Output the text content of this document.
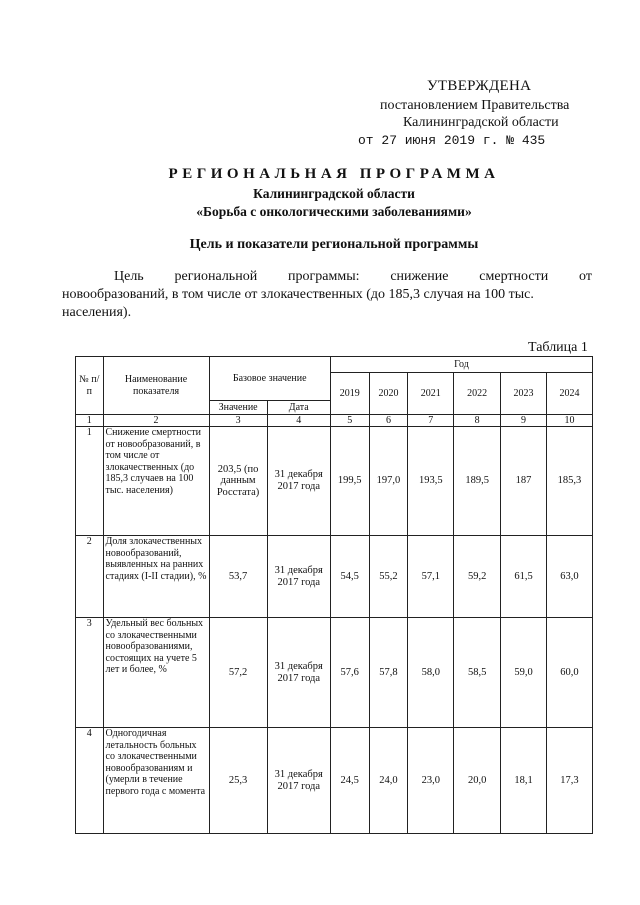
УТВЕРЖДЕНА
постановлением Правительства
Калининградской области
от 27 июня 2019 г. № 435
РЕГИОНАЛЬНАЯ ПРОГРАММА
Калининградской области
«Борьба с онкологическими заболеваниями»
Цель и показатели региональной программы
Цель региональной программы: снижение смертности от
новообразований, в том числе от злокачественных (до 185,3 случая на 100 тыс. населения).
Таблица 1
№ п/п	Наименование показателя	Базовое значение		Год					
				2019	2020	2021	2022	2023	2024
		Значение	Дата						
1	2	3	4	5	6	7	8	9	10
1	Снижение смертности от новообразований, в том числе от злокачественных (до 185,3 случаев на 100 тыс. населения)	203,5 (по данным Росстата)	31 декабря 2017 года	199,5	197,0	193,5	189,5	187	185,3
2	Доля злокачественных новообразований, выявленных на ранних стадиях (I-II стадии), %	53,7	31 декабря 2017 года	54,5	55,2	57,1	59,2	61,5	63,0
3	Удельный вес больных со злокачественными новообразованиями, состоящих на учете 5 лет и более, %	57,2	31 декабря 2017 года	57,6	57,8	58,0	58,5	59,0	60,0
4	Одногодичная летальность больных со злокачественными новообразованиям и (умерли в течение первого года с момента	25,3	31 декабря 2017 года	24,5	24,0	23,0	20,0	18,1	17,3
